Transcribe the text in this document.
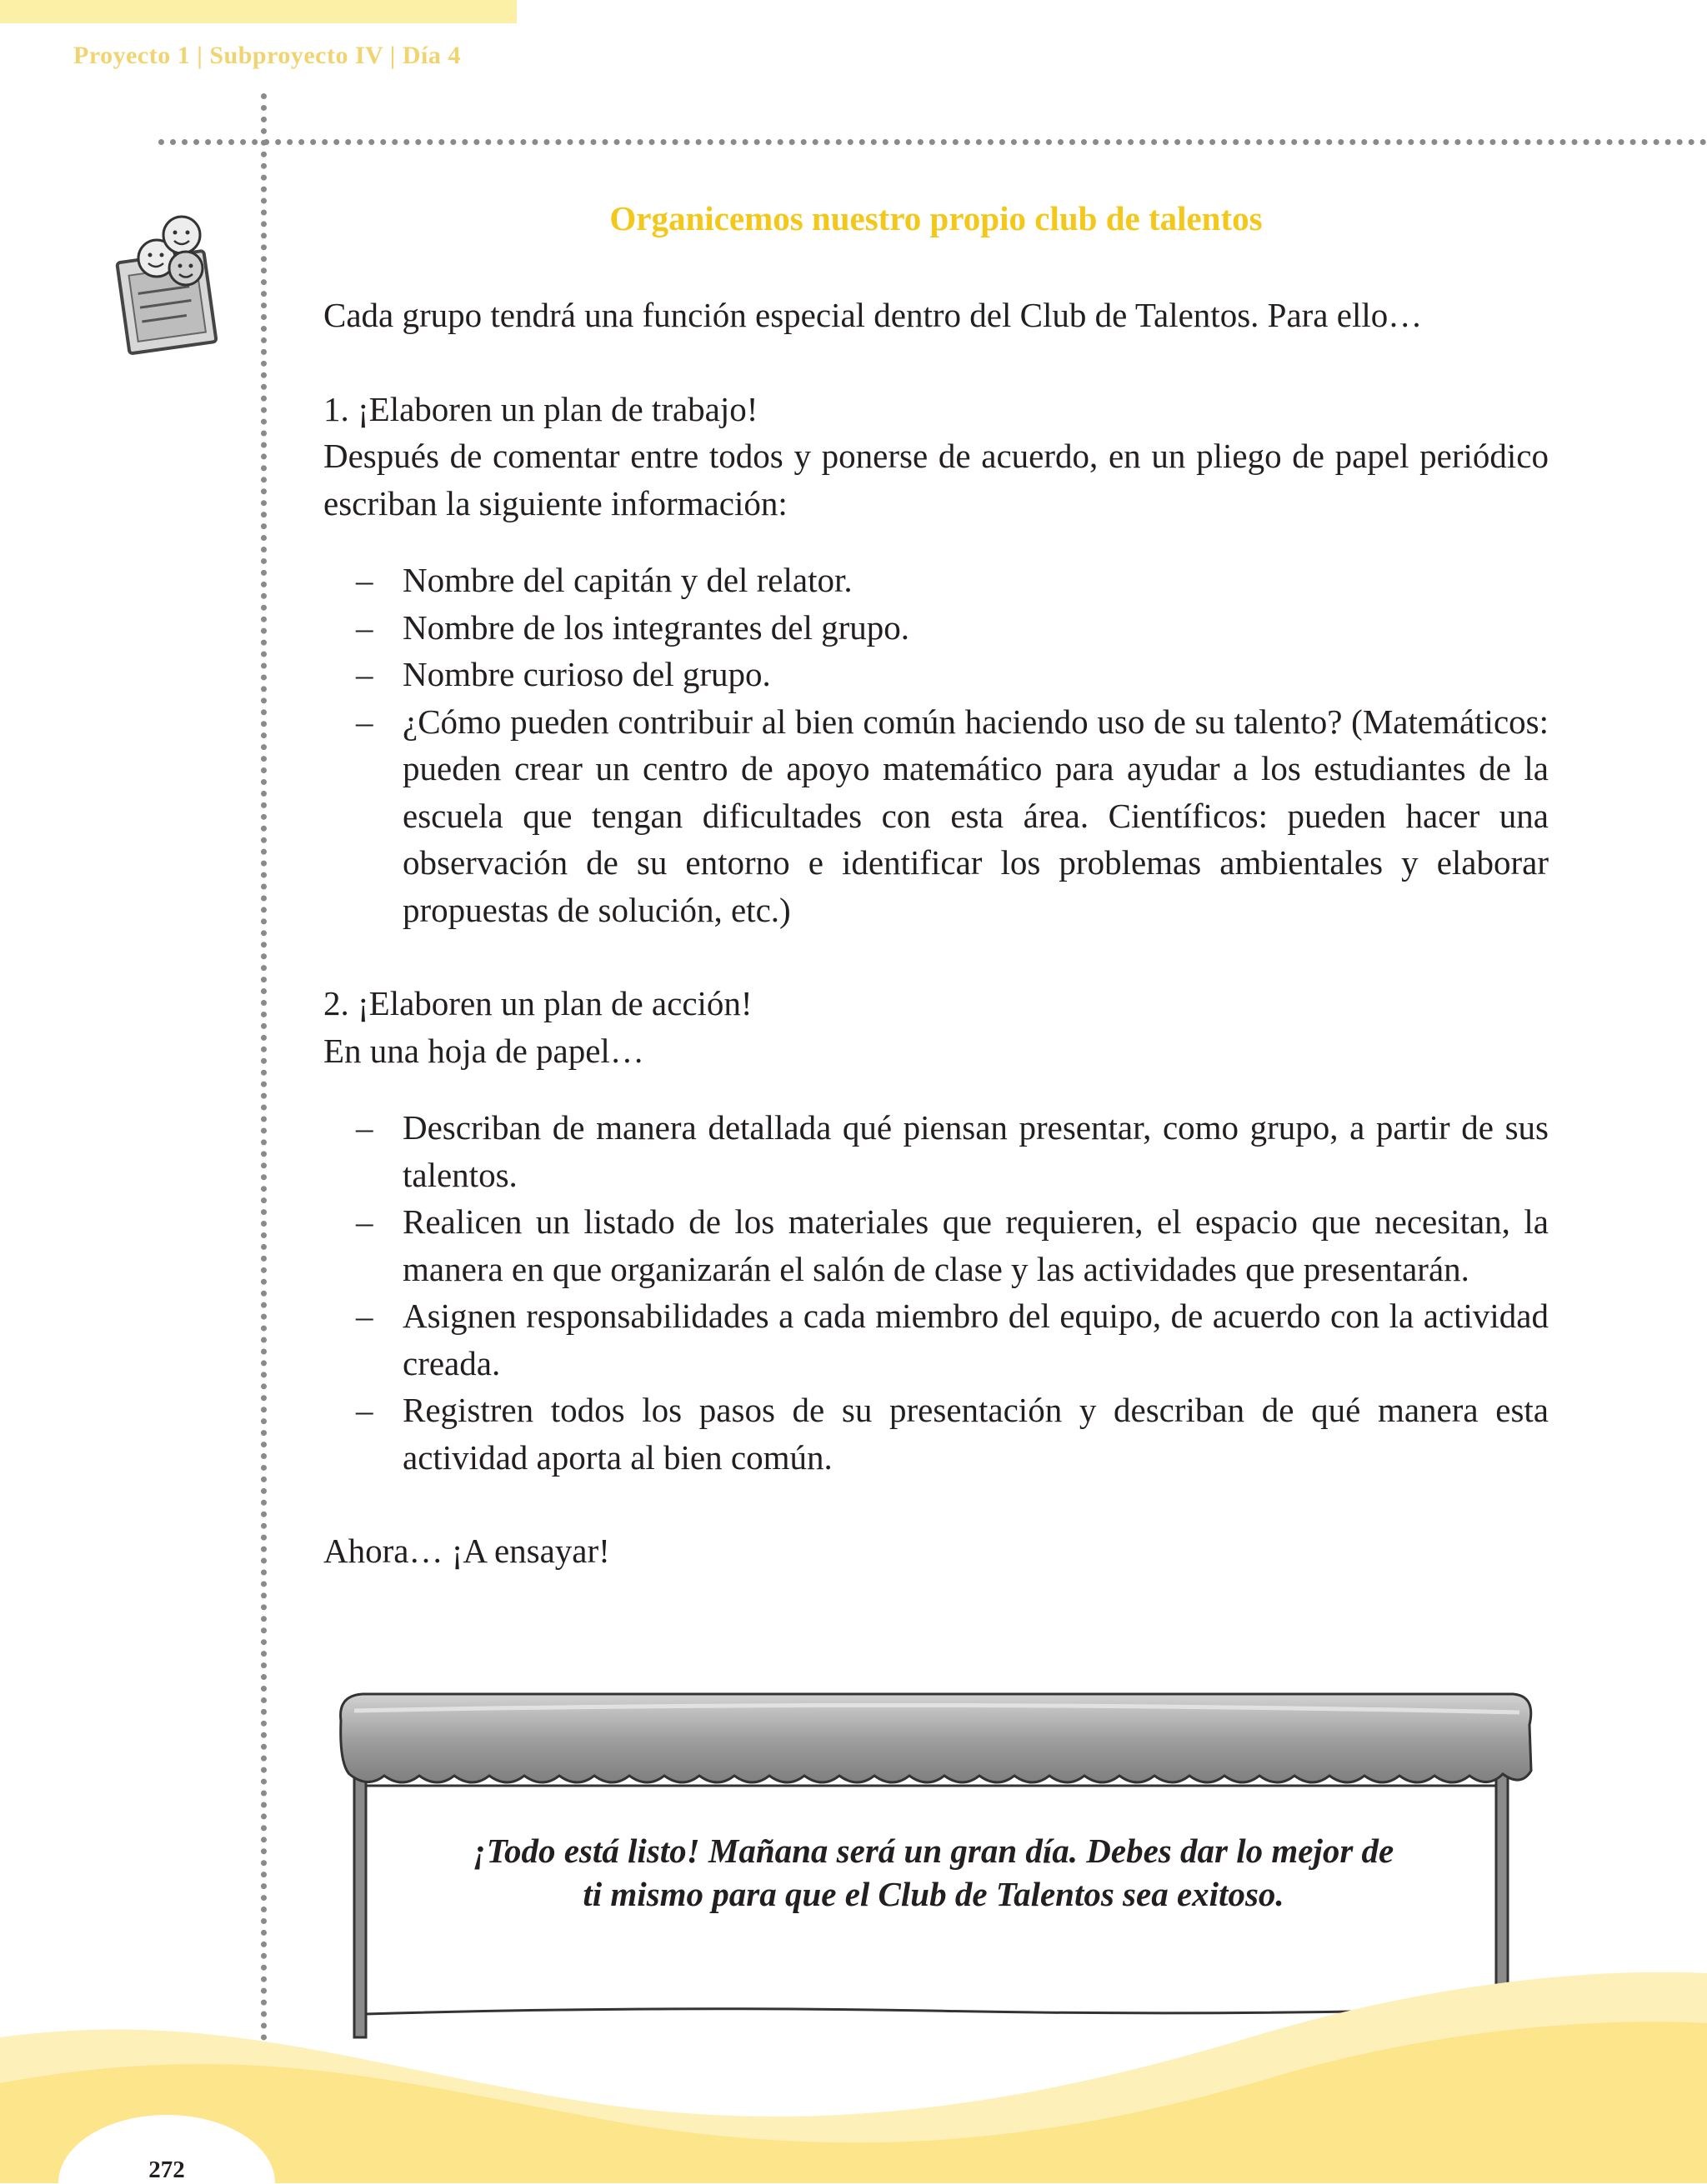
Proyecto 1 | Subproyecto IV | Día 4
Organicemos nuestro propio club de talentos

Cada grupo tendrá una función especial dentro del Club de Talentos. Para ello…

1. ¡Elaboren un plan de trabajo!

Después de comentar entre todos y ponerse de acuerdo, en un pliego de papel periódico escriban la siguiente información:

– Nombre del capitán y del relator.
– Nombre de los integrantes del grupo.
– Nombre curioso del grupo.
– ¿Cómo pueden contribuir al bien común haciendo uso de su talento? (Matemáticos: pueden crear un centro de apoyo matemático para ayudar a los estudiantes de la escuela que tengan dificultades con esta área. Científicos: pueden hacer una observación de su entorno e identificar los problemas ambientales y elaborar propuestas de solución, etc.)

2. ¡Elaboren un plan de acción!

En una hoja de papel…

– Describan de manera detallada qué piensan presentar, como grupo, a partir de sus talentos.
– Realicen un listado de los materiales que requieren, el espacio que necesitan, la manera en que organizarán el salón de clase y las actividades que presentarán.
– Asignen responsabilidades a cada miembro del equipo, de acuerdo con la actividad creada.
– Registren todos los pasos de su presentación y describan de qué manera esta actividad aporta al bien común.

Ahora… ¡A ensayar!

¡Todo está listo! Mañana será un gran día. Debes dar lo mejor de ti mismo para que el Club de Talentos sea exitoso.
272
